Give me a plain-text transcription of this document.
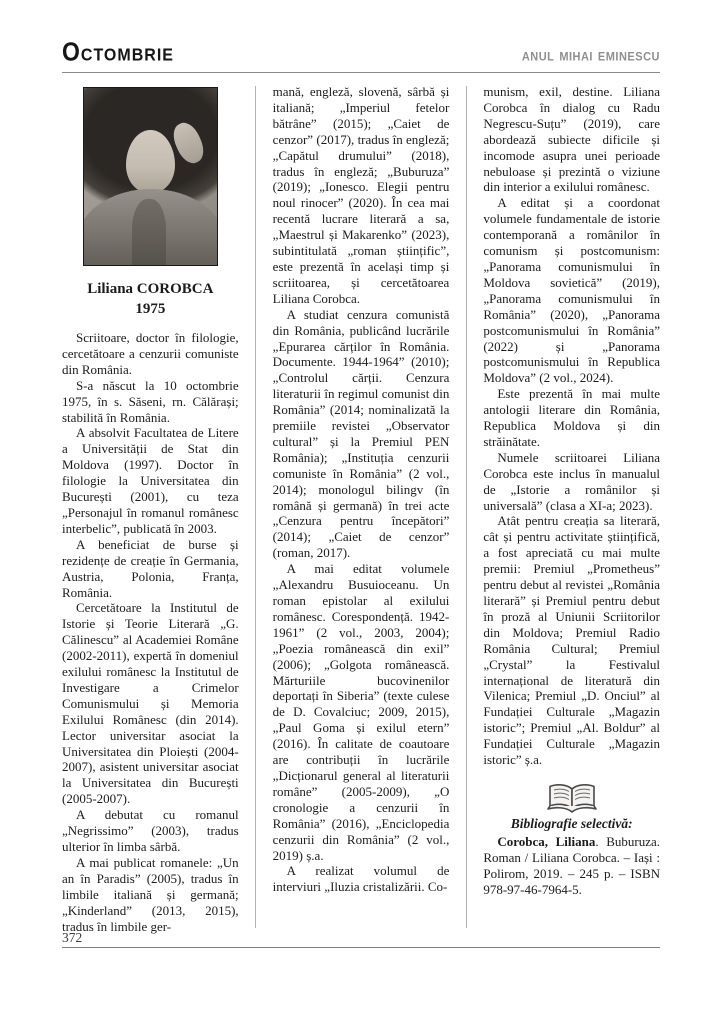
Octombrie	anul mihai eminescu
Liliana COROBCA
1975

Scriitoare, doctor în filologie, cercetătoare a cenzurii comuniste din România.

S-a născut la 10 octombrie 1975, în s. Săseni, rn. Călărași; stabilită în România.

A absolvit Facultatea de Litere a Universității de Stat din Moldova (1997). Doctor în filologie la Universitatea din București (2001), cu teza „Personajul în romanul românesc interbelic”, publicată în 2003.

A beneficiat de burse și rezidențe de creație în Germania, Austria, Polonia, Franța, România.

Cercetătoare la Institutul de Istorie și Teorie Literară „G. Călinescu” al Academiei Române (2002-2011), expertă în domeniul exilului românesc la Institutul de Investigare a Crimelor Comunismului și Memoria Exilului Românesc (din 2014). Lector universitar asociat la Universitatea din Ploiești (2004-2007), asistent universitar asociat la Universitatea din București (2005-2007).

A debutat cu romanul „Negrissimo” (2003), tradus ulterior în limba sârbă.

A mai publicat romanele: „Un an în Paradis” (2005), tradus în limbile italiană și germană; „Kinderland” (2013, 2015), tradus în limbile ger-

mană, engleză, slovenă, sârbă și italiană; „Imperiul fetelor bătrâne” (2015); „Caiet de cenzor” (2017), tradus în engleză; „Capătul drumului” (2018), tradus în engleză; „Buburuza” (2019); „Ionesco. Elegii pentru noul rinocer” (2020). În cea mai recentă lucrare literară a sa, „Maestrul și Makarenko” (2023), subintitulată „roman științific”, este prezentă în același timp și scriitoarea, și cercetătoarea Liliana Corobca.

A studiat cenzura comunistă din România, publicând lucrările „Epurarea cărților în România. Documente. 1944-1964” (2010); „Controlul cărții. Cenzura literaturii în regimul comunist din România” (2014; nominalizată la premiile revistei „Observator cultural” și la Premiul PEN România); „Instituția cenzurii comuniste în România” (2 vol., 2014); monologul bilingv (în română și germană) în trei acte „Cenzura pentru începători” (2014); „Caiet de cenzor” (roman, 2017).

A mai editat volumele „Alexandru Busuioceanu. Un roman epistolar al exilului românesc. Corespondență. 1942-1961” (2 vol., 2003, 2004); „Poezia românească din exil” (2006); „Golgota românească. Mărturiile bucovinenilor deportați în Siberia” (texte culese de D. Covalciuc; 2009, 2015), „Paul Goma și exilul etern” (2016). În calitate de coautoare are contribuții în lucrările „Dicționarul general al literaturii române” (2005-2009), „O cronologie a cenzurii în România” (2016), „Enciclopedia cenzurii din România” (2 vol., 2019) ș.a.

A realizat volumul de interviuri „Iluzia cristalizării. Co-

munism, exil, destine. Liliana Corobca în dialog cu Radu Negrescu-Suțu” (2019), care abordează subiecte dificile și incomode asupra unei perioade nebuloase și prezintă o viziune din interior a exilului românesc.

A editat și a coordonat volumele fundamentale de istorie contemporană a românilor în comunism și postcomunism: „Panorama comunismului în Moldova sovietică” (2019), „Panorama comunismului în România” (2020), „Panorama postcomunismului în România” (2022) și „Panorama postcomunismului în Republica Moldova” (2 vol., 2024).

Este prezentă în mai multe antologii literare din România, Republica Moldova și din străinătate.

Numele scriitoarei Liliana Corobca este inclus în manualul de „Istorie a românilor și universală” (clasa a XI-a; 2023).

Atât pentru creația sa literară, cât și pentru activitate științifică, a fost apreciată cu mai multe premii: Premiul „Prometheus” pentru debut al revistei „România literară” și Premiul pentru debut în proză al Uniunii Scriitorilor din Moldova; Premiul Radio România Cultural; Premiul „Crystal” la Festivalul internațional de literatură din Vilenica; Premiul „D. Onciul” al Fundației Culturale „Magazin istoric”; Premiul „Al. Boldur” al Fundației Culturale „Magazin istoric” ș.a.

Bibliografie selectivă:

Corobca, Liliana. Buburuza. Roman / Liliana Corobca. – Iași : Polirom, 2019. – 245 p. – ISBN 978-97-46-7964-5.

372
